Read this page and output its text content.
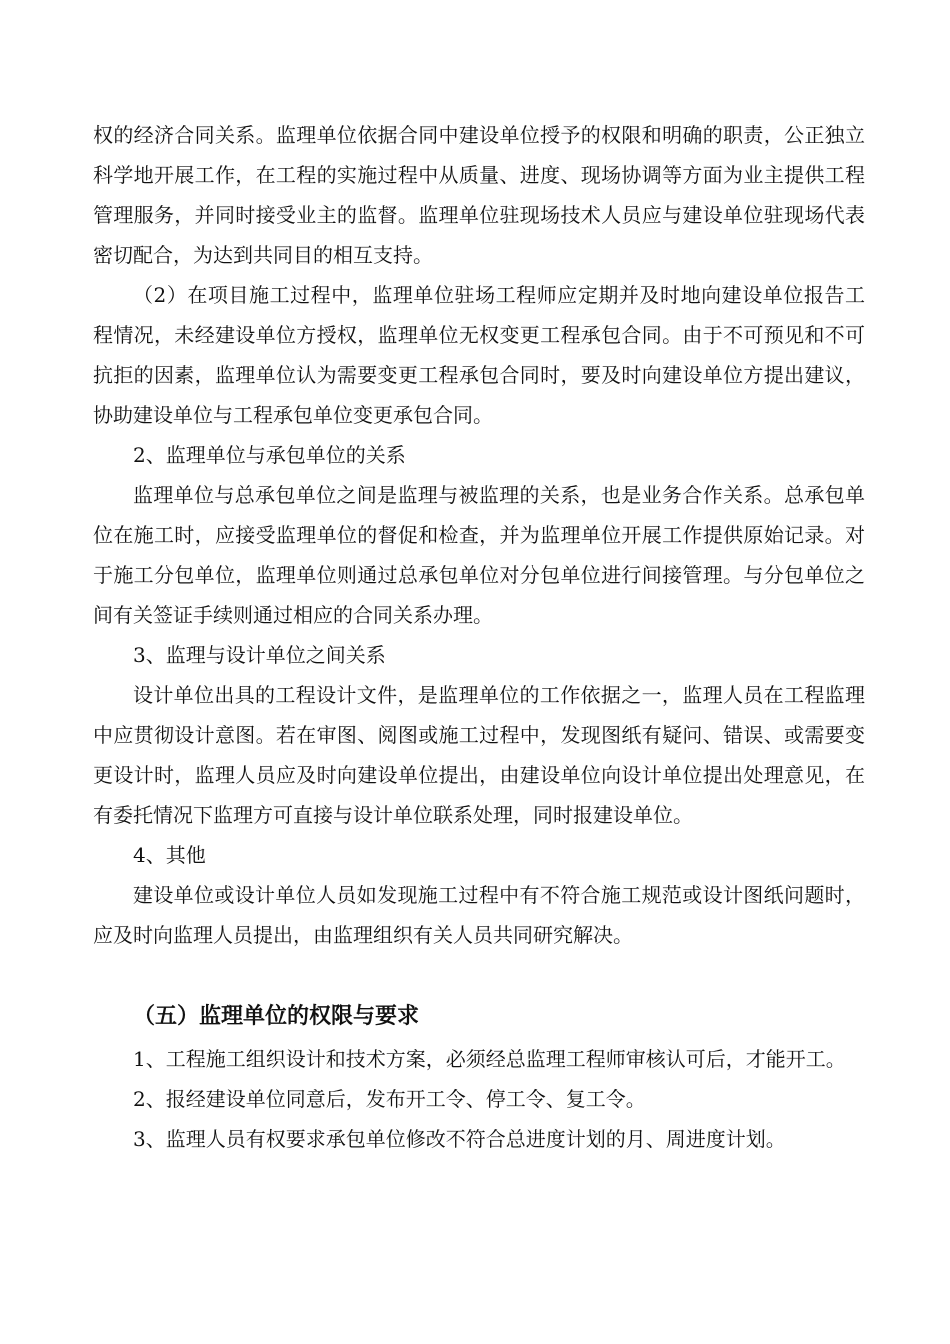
权的经济合同关系。监理单位依据合同中建设单位授予的权限和明确的职责，公正独立科学地开展工作，在工程的实施过程中从质量、进度、现场协调等方面为业主提供工程管理服务，并同时接受业主的监督。监理单位驻现场技术人员应与建设单位驻现场代表密切配合，为达到共同目的相互支持。

（2）在项目施工过程中，监理单位驻场工程师应定期并及时地向建设单位报告工程情况，未经建设单位方授权，监理单位无权变更工程承包合同。由于不可预见和不可抗拒的因素，监理单位认为需要变更工程承包合同时，要及时向建设单位方提出建议，协助建设单位与工程承包单位变更承包合同。

2、监理单位与承包单位的关系

监理单位与总承包单位之间是监理与被监理的关系，也是业务合作关系。总承包单位在施工时，应接受监理单位的督促和检查，并为监理单位开展工作提供原始记录。对于施工分包单位，监理单位则通过总承包单位对分包单位进行间接管理。与分包单位之间有关签证手续则通过相应的合同关系办理。

3、监理与设计单位之间关系

设计单位出具的工程设计文件，是监理单位的工作依据之一，监理人员在工程监理中应贯彻设计意图。若在审图、阅图或施工过程中，发现图纸有疑问、错误、或需要变更设计时，监理人员应及时向建设单位提出，由建设单位向设计单位提出处理意见，在有委托情况下监理方可直接与设计单位联系处理，同时报建设单位。

4、其他

建设单位或设计单位人员如发现施工过程中有不符合施工规范或设计图纸问题时，应及时向监理人员提出，由监理组织有关人员共同研究解决。

（五）监理单位的权限与要求

1、工程施工组织设计和技术方案，必须经总监理工程师审核认可后，才能开工。

2、报经建设单位同意后，发布开工令、停工令、复工令。

3、监理人员有权要求承包单位修改不符合总进度计划的月、周进度计划。
